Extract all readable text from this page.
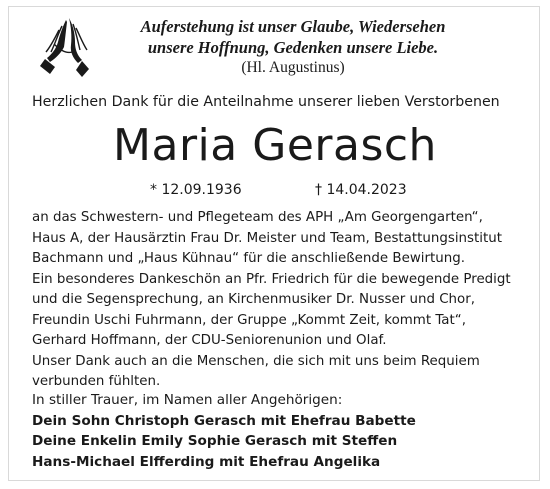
Auferstehung ist unser Glaube, Wiedersehen
unsere Hoffnung, Gedenken unsere Liebe.
(Hl. Augustinus)
Herzlichen Dank für die Anteilnahme unserer lieben Verstorbenen
Maria Gerasch
* 12.09.1936	† 14.04.2023
an das Schwestern- und Pflegeteam des APH „Am Georgengarten“,
Haus A, der Hausärztin Frau Dr. Meister und Team, Bestattungsinstitut
Bachmann und „Haus Kühnau“ für die anschließende Bewirtung.
Ein besonderes Dankeschön an Pfr. Friedrich für die bewegende Predigt
und die Segensprechung, an Kirchenmusiker Dr. Nusser und Chor,
Freundin Uschi Fuhrmann, der Gruppe „Kommt Zeit, kommt Tat“,
Gerhard Hoffmann, der CDU-Seniorenunion und Olaf.
Unser Dank auch an die Menschen, die sich mit uns beim Requiem
verbunden fühlten.
In stiller Trauer, im Namen aller Angehörigen:
Dein Sohn Christoph Gerasch mit Ehefrau Babette
Deine Enkelin Emily Sophie Gerasch mit Steffen
Hans-Michael Elfferding mit Ehefrau Angelika
